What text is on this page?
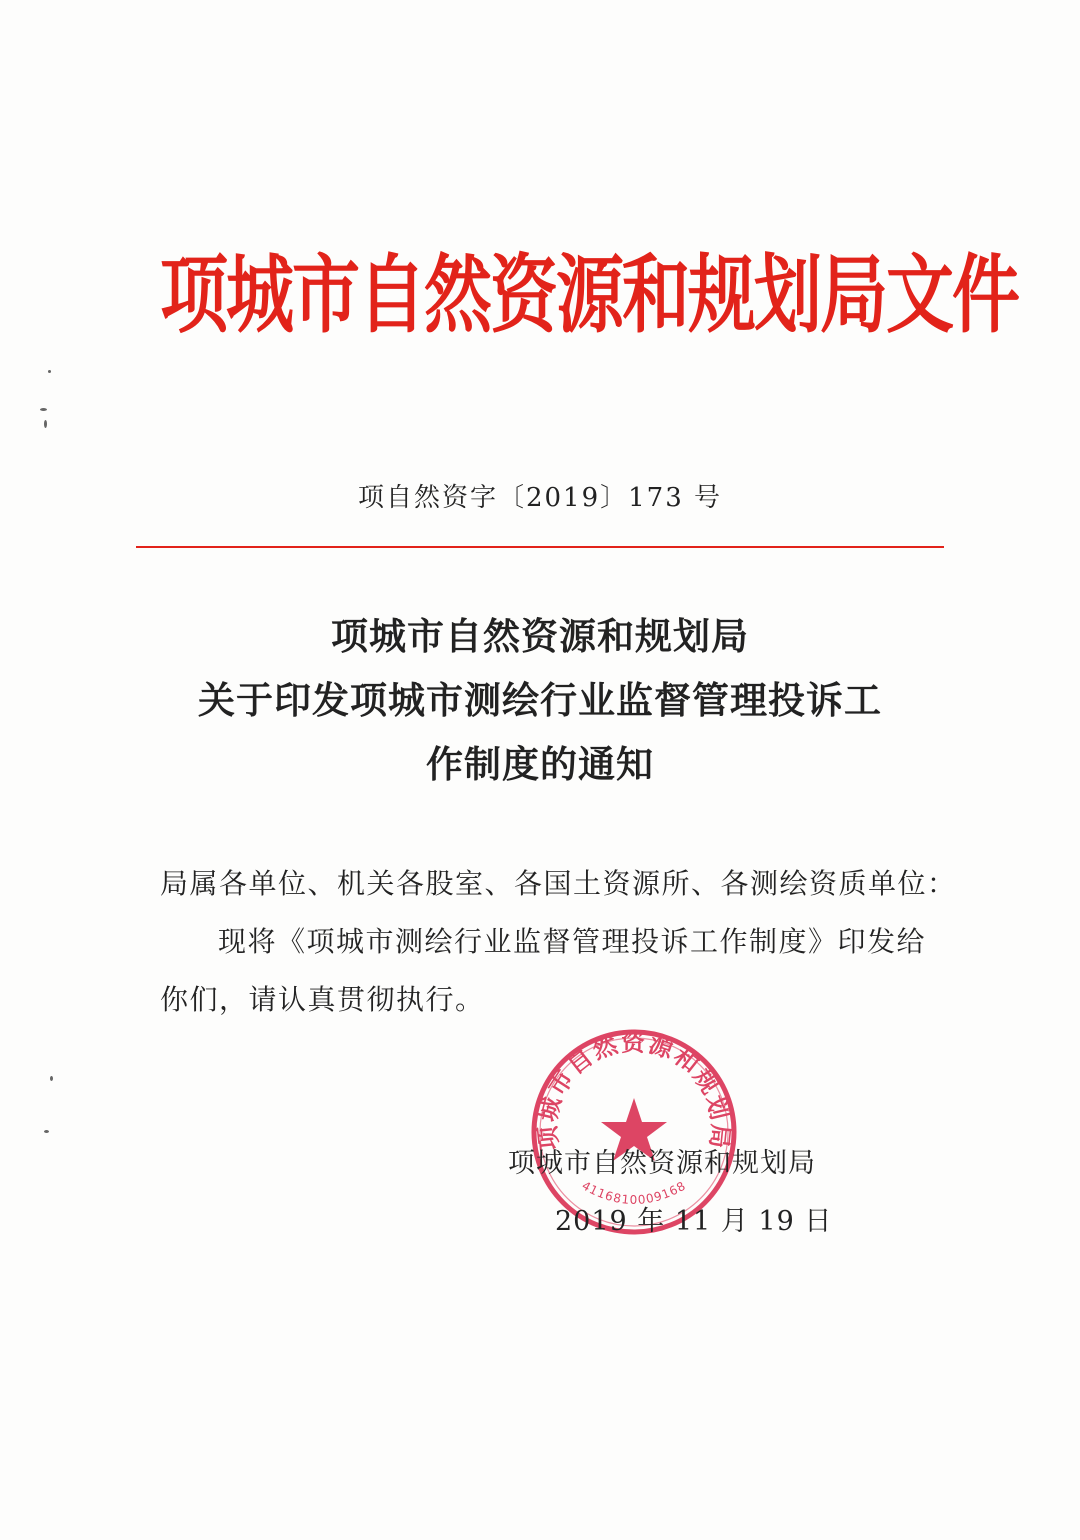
项城市自然资源和规划局文件
项自然资字〔2019〕173 号
项城市自然资源和规划局
关于印发项城市测绘行业监督管理投诉工
作制度的通知
局属各单位、机关各股室、各国土资源所、各测绘资质单位：
现将《项城市测绘行业监督管理投诉工作制度》印发给
你们，请认真贯彻执行。
项城市自然资源和规划局
4116810009168
项城市自然资源和规划局
2019 年 11 月 19 日
